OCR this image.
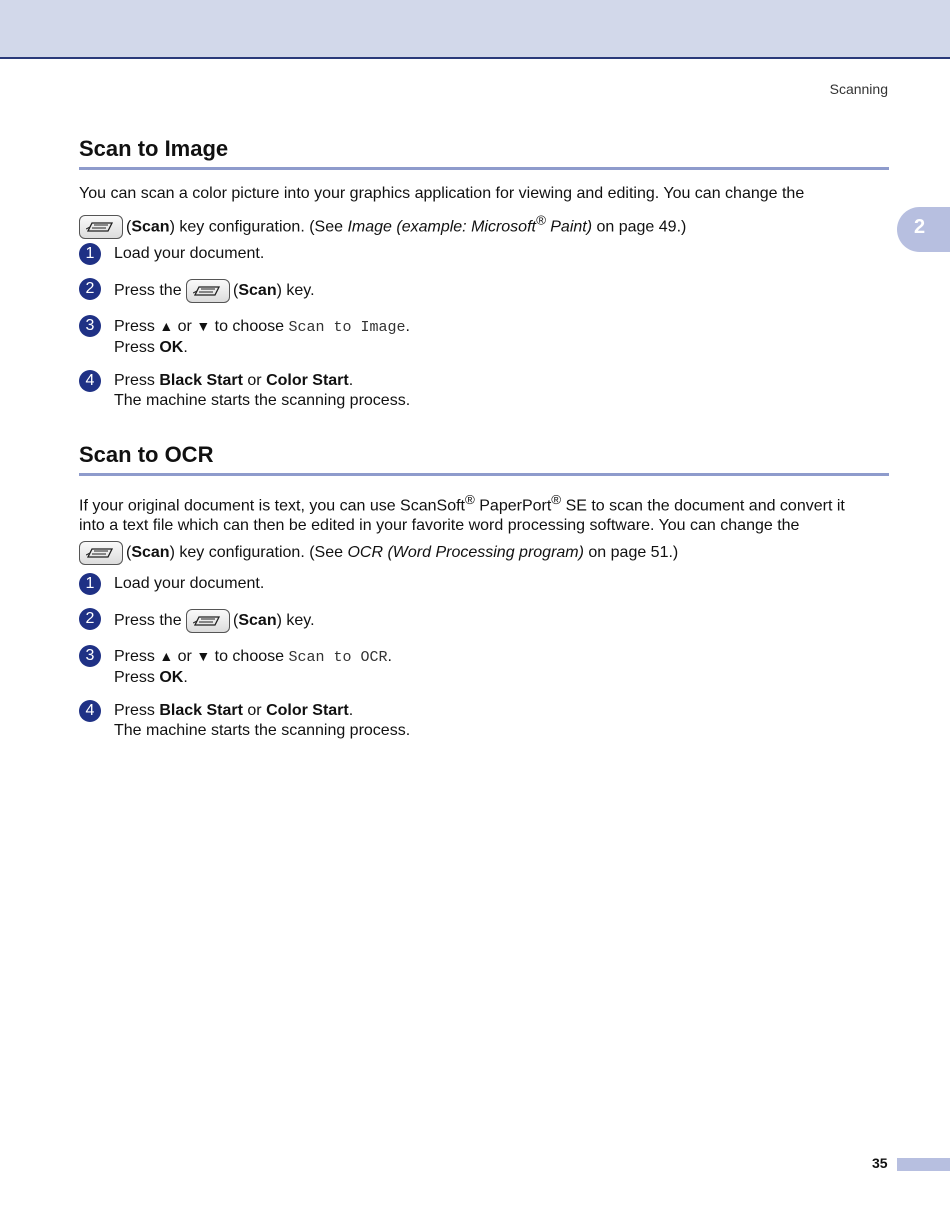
Scanning
2
Scan to Image

You can scan a color picture into your graphics application for viewing and editing. You can change the

(Scan) key configuration. (See Image (example: Microsoft® Paint) on page 49.)

1	Load your document.
2	Press the	(Scan) key.
3	Press ▲ or ▼ to choose Scan to Image.
Press OK.
4	Press Black Start or Color Start.
The machine starts the scanning process.
Scan to OCR

If your original document is text, you can use ScanSoft® PaperPort® SE to scan the document and convert it
into a text file which can then be edited in your favorite word processing software. You can change the

(Scan) key configuration. (See OCR (Word Processing program) on page 51.)

1	Load your document.
2	Press the	(Scan) key.
3	Press ▲ or ▼ to choose Scan to OCR.
Press OK.
4	Press Black Start or Color Start.
The machine starts the scanning process.
35
